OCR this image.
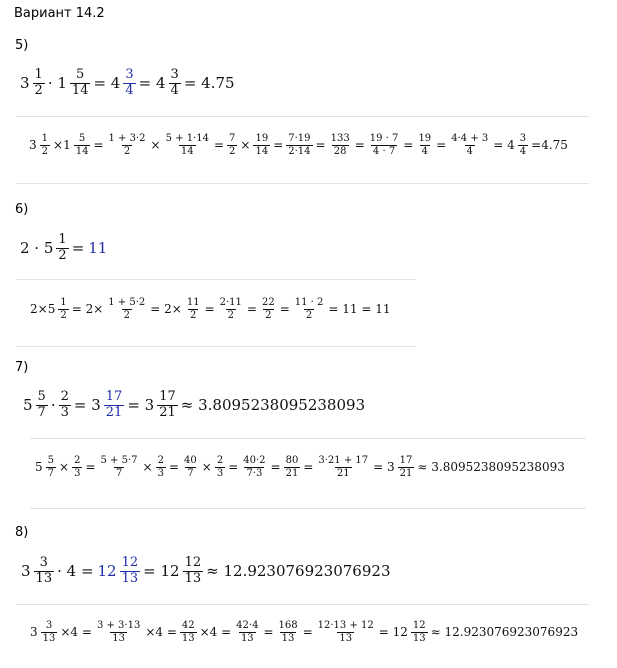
Вариант 14.2
5)
$3 \frac{1}{2} \cdot 1 \frac{5}{14} = 4 \frac{3}{4} = 4 \frac{3}{4} = 4.75$
$3 \frac{1}{2} \times 1 \frac{5}{14} = \frac{1 + 3\cdot 2}{2} \times \frac{5 + 1\cdot 14}{14} = \frac{7}{2} \times \frac{19}{14} = \frac{7\cdot 19}{2\cdot 14} = \frac{133}{28} = \frac{19 \cdot 7}{4 \cdot 7} = \frac{19}{4} = \frac{4\cdot 4 + 3}{4} = 4 \frac{3}{4} =4.75$
6)
$2 \cdot 5 \frac{1}{2} = 11$
$2\times 5 \frac{1}{2} = 2\times \frac{1 + 5\cdot 2}{2} = 2\times \frac{11}{2} = \frac{2\cdot 11}{2} = \frac{22}{2} = \frac{11 \cdot 2}{2} = 11 = 11$
7)
$5 \frac{5}{7} \cdot \frac{2}{3} = 3 \frac{17}{21} = 3 \frac{17}{21} \approx 3.8095238095238093$
$5 \frac{5}{7} \times \frac{2}{3} = \frac{5 + 5\cdot 7}{7} \times \frac{2}{3} = \frac{40}{7} \times \frac{2}{3} = \frac{40\cdot 2}{7\cdot 3} = \frac{80}{21} = \frac{3\cdot 21 + 17}{21} = 3 \frac{17}{21} \approx 3.8095238095238093$
8)
$3 \frac{3}{13} \cdot 4 = 12 \frac{12}{13} = 12 \frac{12}{13} \approx 12.923076923076923$
$3 \frac{3}{13} \times 4 = \frac{3 + 3\cdot 13}{13} \times 4 = \frac{42}{13} \times 4 = \frac{42\cdot 4}{13} = \frac{168}{13} = \frac{12\cdot 13 + 12}{13} = 12 \frac{12}{13} \approx 12.923076923076923$
